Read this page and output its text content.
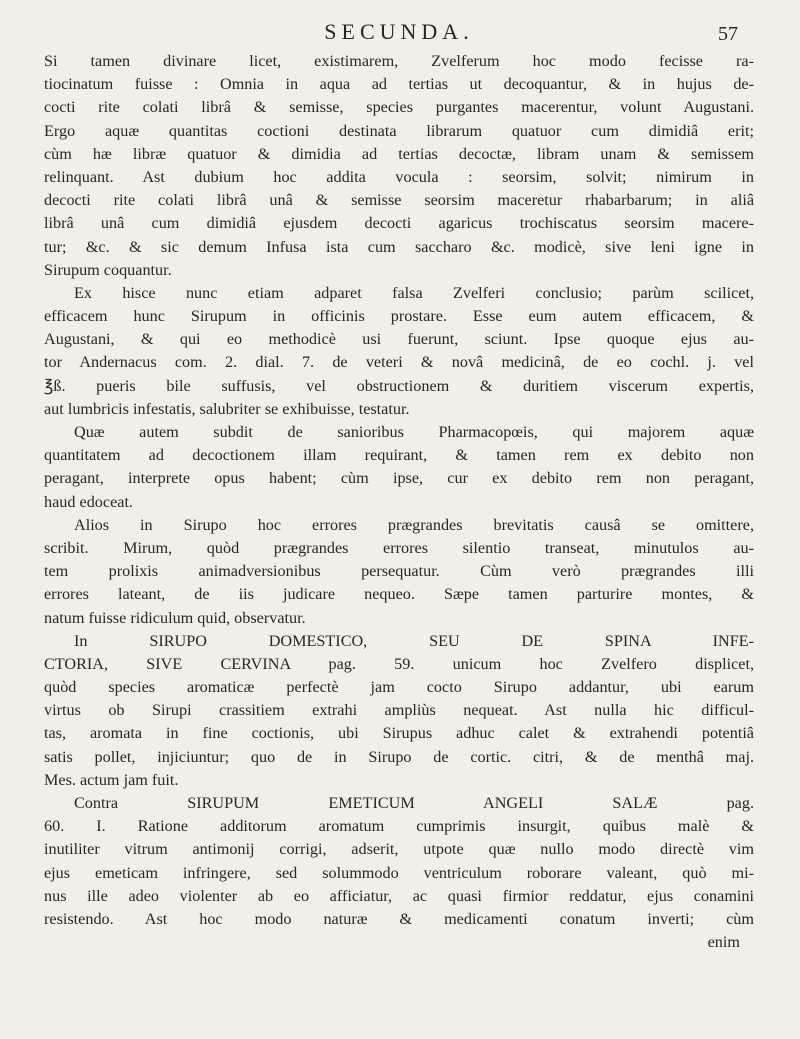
SECUNDA.	57
Si tamen divinare licet, existimarem, Zvelferum hoc modo fecisse ra-
tiocinatum fuisse : Omnia in aqua ad tertias ut decoquantur, & in hujus de-
cocti rite colati librâ & semisse, species purgantes macerentur, volunt Augustani.
Ergo aquæ quantitas coctioni destinata librarum quatuor cum dimidiâ erit;
cùm hæ libræ quatuor & dimidia ad tertias decoctæ, libram unam & semissem
relinquant. Ast dubium hoc addita vocula : seorsim, solvit; nimirum in
decocti rite colati librâ unâ & semisse seorsim maceretur rhabarbarum; in aliâ
librâ unâ cum dimidiâ ejusdem decocti agaricus trochiscatus seorsim macere-
tur; &c. & sic demum Infusa ista cum saccharo &c. modicè, sive leni igne in
Sirupum coquantur.
Ex hisce nunc etiam adparet falsa Zvelferi conclusio; parùm scilicet,
efficacem hunc Sirupum in officinis prostare. Esse eum autem efficacem, &
Augustani, & qui eo methodicè usi fuerunt, sciunt. Ipse quoque ejus au-
tor Andernacus com. 2. dial. 7. de veteri & novâ medicinâ, de eo cochl. j. vel
℥ß. pueris bile suffusis, vel obstructionem & duritiem viscerum expertis,
aut lumbricis infestatis, salubriter se exhibuisse, testatur.
Quæ autem subdit de sanioribus Pharmacopœis, qui majorem aquæ
quantitatem ad decoctionem illam requirant, & tamen rem ex debito non
peragant, interprete opus habent; cùm ipse, cur ex debito rem non peragant,
haud edoceat.
Alios in Sirupo hoc errores prægrandes brevitatis causâ se omittere,
scribit. Mirum, quòd prægrandes errores silentio transeat, minutulos au-
tem prolixis animadversionibus persequatur. Cùm verò prægrandes illi
errores lateant, de iis judicare nequeo. Sæpe tamen parturire montes, &
natum fuisse ridiculum quid, observatur.
In SIRUPO DOMESTICO, SEU DE SPINA INFE-
CTORIA, SIVE CERVINA pag. 59. unicum hoc Zvelfero displicet,
quòd species aromaticæ perfectè jam cocto Sirupo addantur, ubi earum
virtus ob Sirupi crassitiem extrahi ampliùs nequeat. Ast nulla hic difficul-
tas, aromata in fine coctionis, ubi Sirupus adhuc calet & extrahendi potentiâ
satis pollet, injiciuntur; quo de in Sirupo de cortic. citri, & de menthâ maj.
Mes. actum jam fuit.
Contra SIRUPUM EMETICUM ANGELI SALÆ pag.
60. I. Ratione additorum aromatum cumprimis insurgit, quibus malè &
inutiliter vitrum antimonij corrigi, adserit, utpote quæ nullo modo directè vim
ejus emeticam infringere, sed solummodo ventriculum roborare valeant, quò mi-
nus ille adeo violenter ab eo afficiatur, ac quasi firmior reddatur, ejus conamini
resistendo. Ast hoc modo naturæ & medicamenti conatum inverti; cùm
enim
